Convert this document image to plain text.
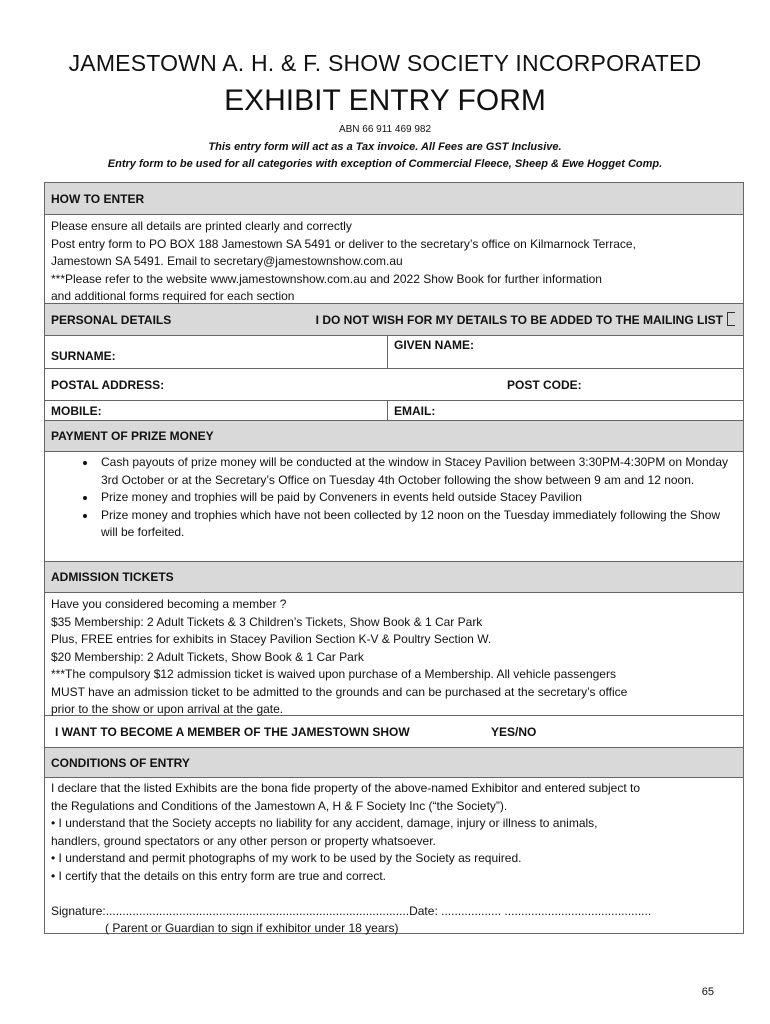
JAMESTOWN A. H. & F. SHOW SOCIETY INCORPORATED
EXHIBIT ENTRY FORM
ABN 66 911 469 982
This entry form will act as a Tax invoice. All Fees are GST Inclusive.
Entry form to be used for all categories with exception of Commercial Fleece, Sheep & Ewe Hogget Comp.
HOW TO ENTER
Please ensure all details are printed clearly and correctly
Post entry form to PO BOX 188 Jamestown SA 5491 or deliver to the secretary’s office on Kilmarnock Terrace,
Jamestown SA 5491. Email to secretary@jamestownshow.com.au
***Please refer to the website www.jamestownshow.com.au and 2022 Show Book for further information
and additional forms required for each section
PERSONAL DETAILS	I DO NOT WISH FOR MY DETAILS TO BE ADDED TO THE MAILING LIST
SURNAME:
GIVEN NAME:
POSTAL ADDRESS:	POST CODE:
MOBILE:	EMAIL:
PAYMENT OF PRIZE MONEY
• Cash payouts of prize money will be conducted at the window in Stacey Pavilion between 3:30PM-4:30PM on Monday 3rd October or at the Secretary’s Office on Tuesday 4th October following the show between 9 am and 12 noon.
• Prize money and trophies will be paid by Conveners in events held outside Stacey Pavilion
• Prize money and trophies which have not been collected by 12 noon on the Tuesday immediately following the Show will be forfeited.
ADMISSION TICKETS
Have you considered becoming a member ?
$35 Membership: 2 Adult Tickets & 3 Children’s Tickets, Show Book & 1 Car Park
Plus, FREE entries for exhibits in Stacey Pavilion Section K-V & Poultry Section W.
$20 Membership: 2 Adult Tickets, Show Book & 1 Car Park
***The compulsory $12 admission ticket is waived upon purchase of a Membership. All vehicle passengers
MUST have an admission ticket to be admitted to the grounds and can be purchased at the secretary’s office
prior to the show or upon arrival at the gate.
I WANT TO BECOME A MEMBER OF THE JAMESTOWN SHOW	YES/NO
CONDITIONS OF ENTRY
I declare that the listed Exhibits are the bona fide property of the above-named Exhibitor and entered subject to
the Regulations and Conditions of the Jamestown A, H & F Society Inc (“the Society”).
• I understand that the Society accepts no liability for any accident, damage, injury or illness to animals,
handlers, ground spectators or any other person or property whatsoever.
• I understand and permit photographs of my work to be used by the Society as required.
• I certify that the details on this entry form are true and correct.
Signature:...........................................................................................Date: .................. ............................................
( Parent or Guardian to sign if exhibitor under 18 years)
65
